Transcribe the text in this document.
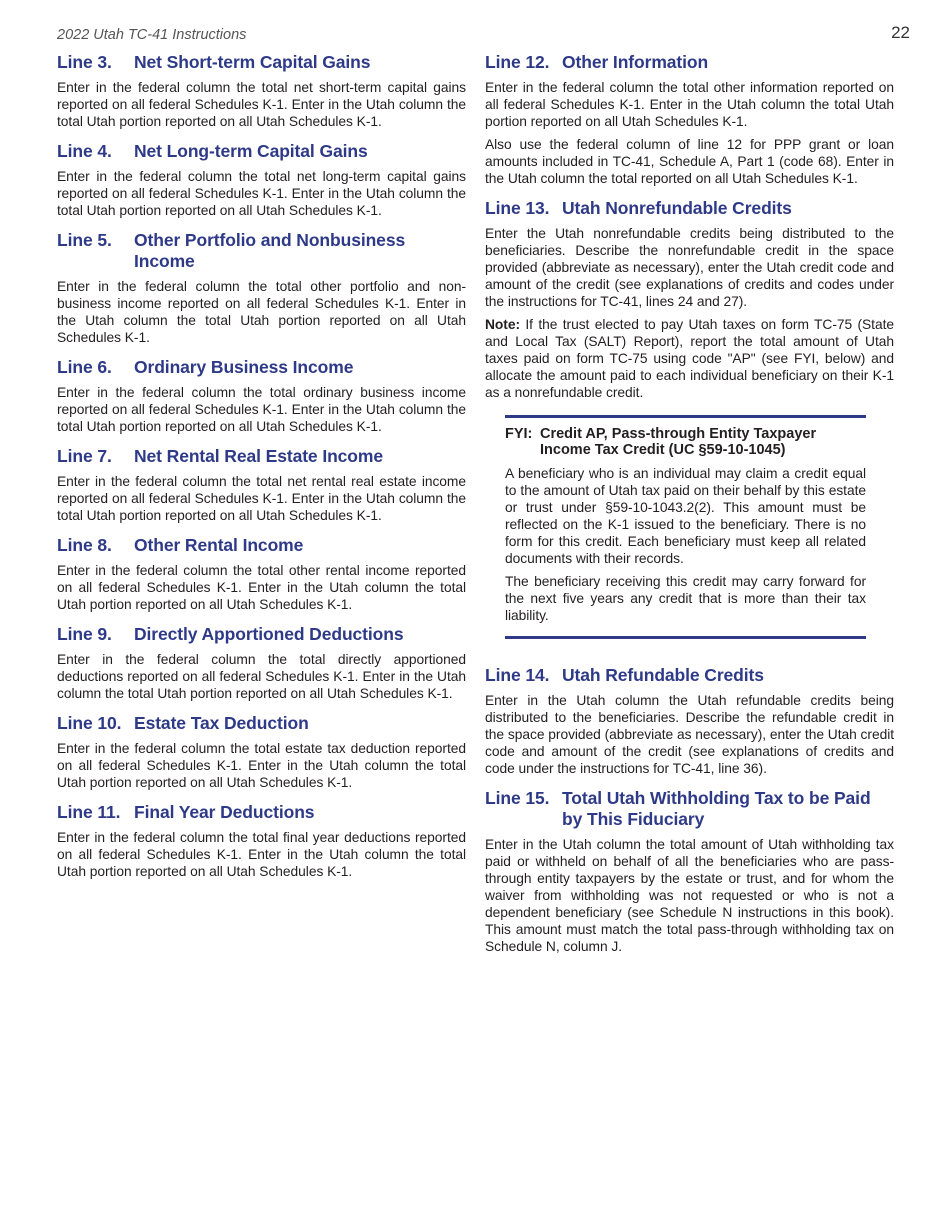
2022 Utah TC-41 Instructions	22
Line 3.	Net Short-term Capital Gains

Enter in the federal column the total net short-term capital gains reported on all federal Schedules K-1. Enter in the Utah column the total Utah portion reported on all Utah Schedules K-1.

Line 4.	Net Long-term Capital Gains

Enter in the federal column the total net long-term capital gains reported on all federal Schedules K-1. Enter in the Utah column the total Utah portion reported on all Utah Schedules K-1.

Line 5.	Other Portfolio and Nonbusiness Income

Enter in the federal column the total other portfolio and non-business income reported on all federal Schedules K-1. Enter in the Utah column the total Utah portion reported on all Utah Schedules K-1.

Line 6.	Ordinary Business Income

Enter in the federal column the total ordinary business income reported on all federal Schedules K-1. Enter in the Utah column the total Utah portion reported on all Utah Schedules K-1.

Line 7.	Net Rental Real Estate Income

Enter in the federal column the total net rental real estate income reported on all federal Schedules K-1. Enter in the Utah column the total Utah portion reported on all Utah Schedules K-1.

Line 8.	Other Rental Income

Enter in the federal column the total other rental income reported on all federal Schedules K-1. Enter in the Utah column the total Utah portion reported on all Utah Schedules K-1.

Line 9.	Directly Apportioned Deductions

Enter in the federal column the total directly apportioned deductions reported on all federal Schedules K-1. Enter in the Utah column the total Utah portion reported on all Utah Schedules K-1.

Line 10. Estate Tax Deduction

Enter in the federal column the total estate tax deduction reported on all federal Schedules K-1. Enter in the Utah column the total Utah portion reported on all Utah Schedules K-1.

Line 11. Final Year Deductions

Enter in the federal column the total final year deductions reported on all federal Schedules K-1. Enter in the Utah column the total Utah portion reported on all Utah Schedules K-1.

Line 12. Other Information

Enter in the federal column the total other information reported on all federal Schedules K-1. Enter in the Utah column the total Utah portion reported on all Utah Schedules K-1.

Also use the federal column of line 12 for PPP grant or loan amounts included in TC-41, Schedule A, Part 1 (code 68). Enter in the Utah column the total reported on all Utah Schedules K-1.

Line 13. Utah Nonrefundable Credits

Enter the Utah nonrefundable credits being distributed to the beneficiaries. Describe the nonrefundable credit in the space provided (abbreviate as necessary), enter the Utah credit code and amount of the credit (see explanations of credits and codes under the instructions for TC-41, lines 24 and 27).

Note: If the trust elected to pay Utah taxes on form TC-75 (State and Local Tax (SALT) Report), report the total amount of Utah taxes paid on form TC-75 using code "AP" (see FYI, below) and allocate the amount paid to each individual beneficiary on their K-1 as a nonrefundable credit.

FYI: Credit AP, Pass-through Entity Taxpayer Income Tax Credit (UC §59-10-1045)

A beneficiary who is an individual may claim a credit equal to the amount of Utah tax paid on their behalf by this estate or trust under §59-10-1043.2(2). This amount must be reflected on the K-1 issued to the beneficiary. There is no form for this credit. Each beneficiary must keep all related documents with their records.

The beneficiary receiving this credit may carry forward for the next five years any credit that is more than their tax liability.

Line 14. Utah Refundable Credits

Enter in the Utah column the Utah refundable credits being distributed to the beneficiaries. Describe the refundable credit in the space provided (abbreviate as necessary), enter the Utah credit code and amount of the credit (see explanations of credits and code under the instructions for TC-41, line 36).

Line 15. Total Utah Withholding Tax to be Paid by This Fiduciary

Enter in the Utah column the total amount of Utah withholding tax paid or withheld on behalf of all the beneficiaries who are pass-through entity taxpayers by the estate or trust, and for whom the waiver from withholding was not requested or who is not a dependent beneficiary (see Schedule N instructions in this book). This amount must match the total pass-through withholding tax on Schedule N, column J.
